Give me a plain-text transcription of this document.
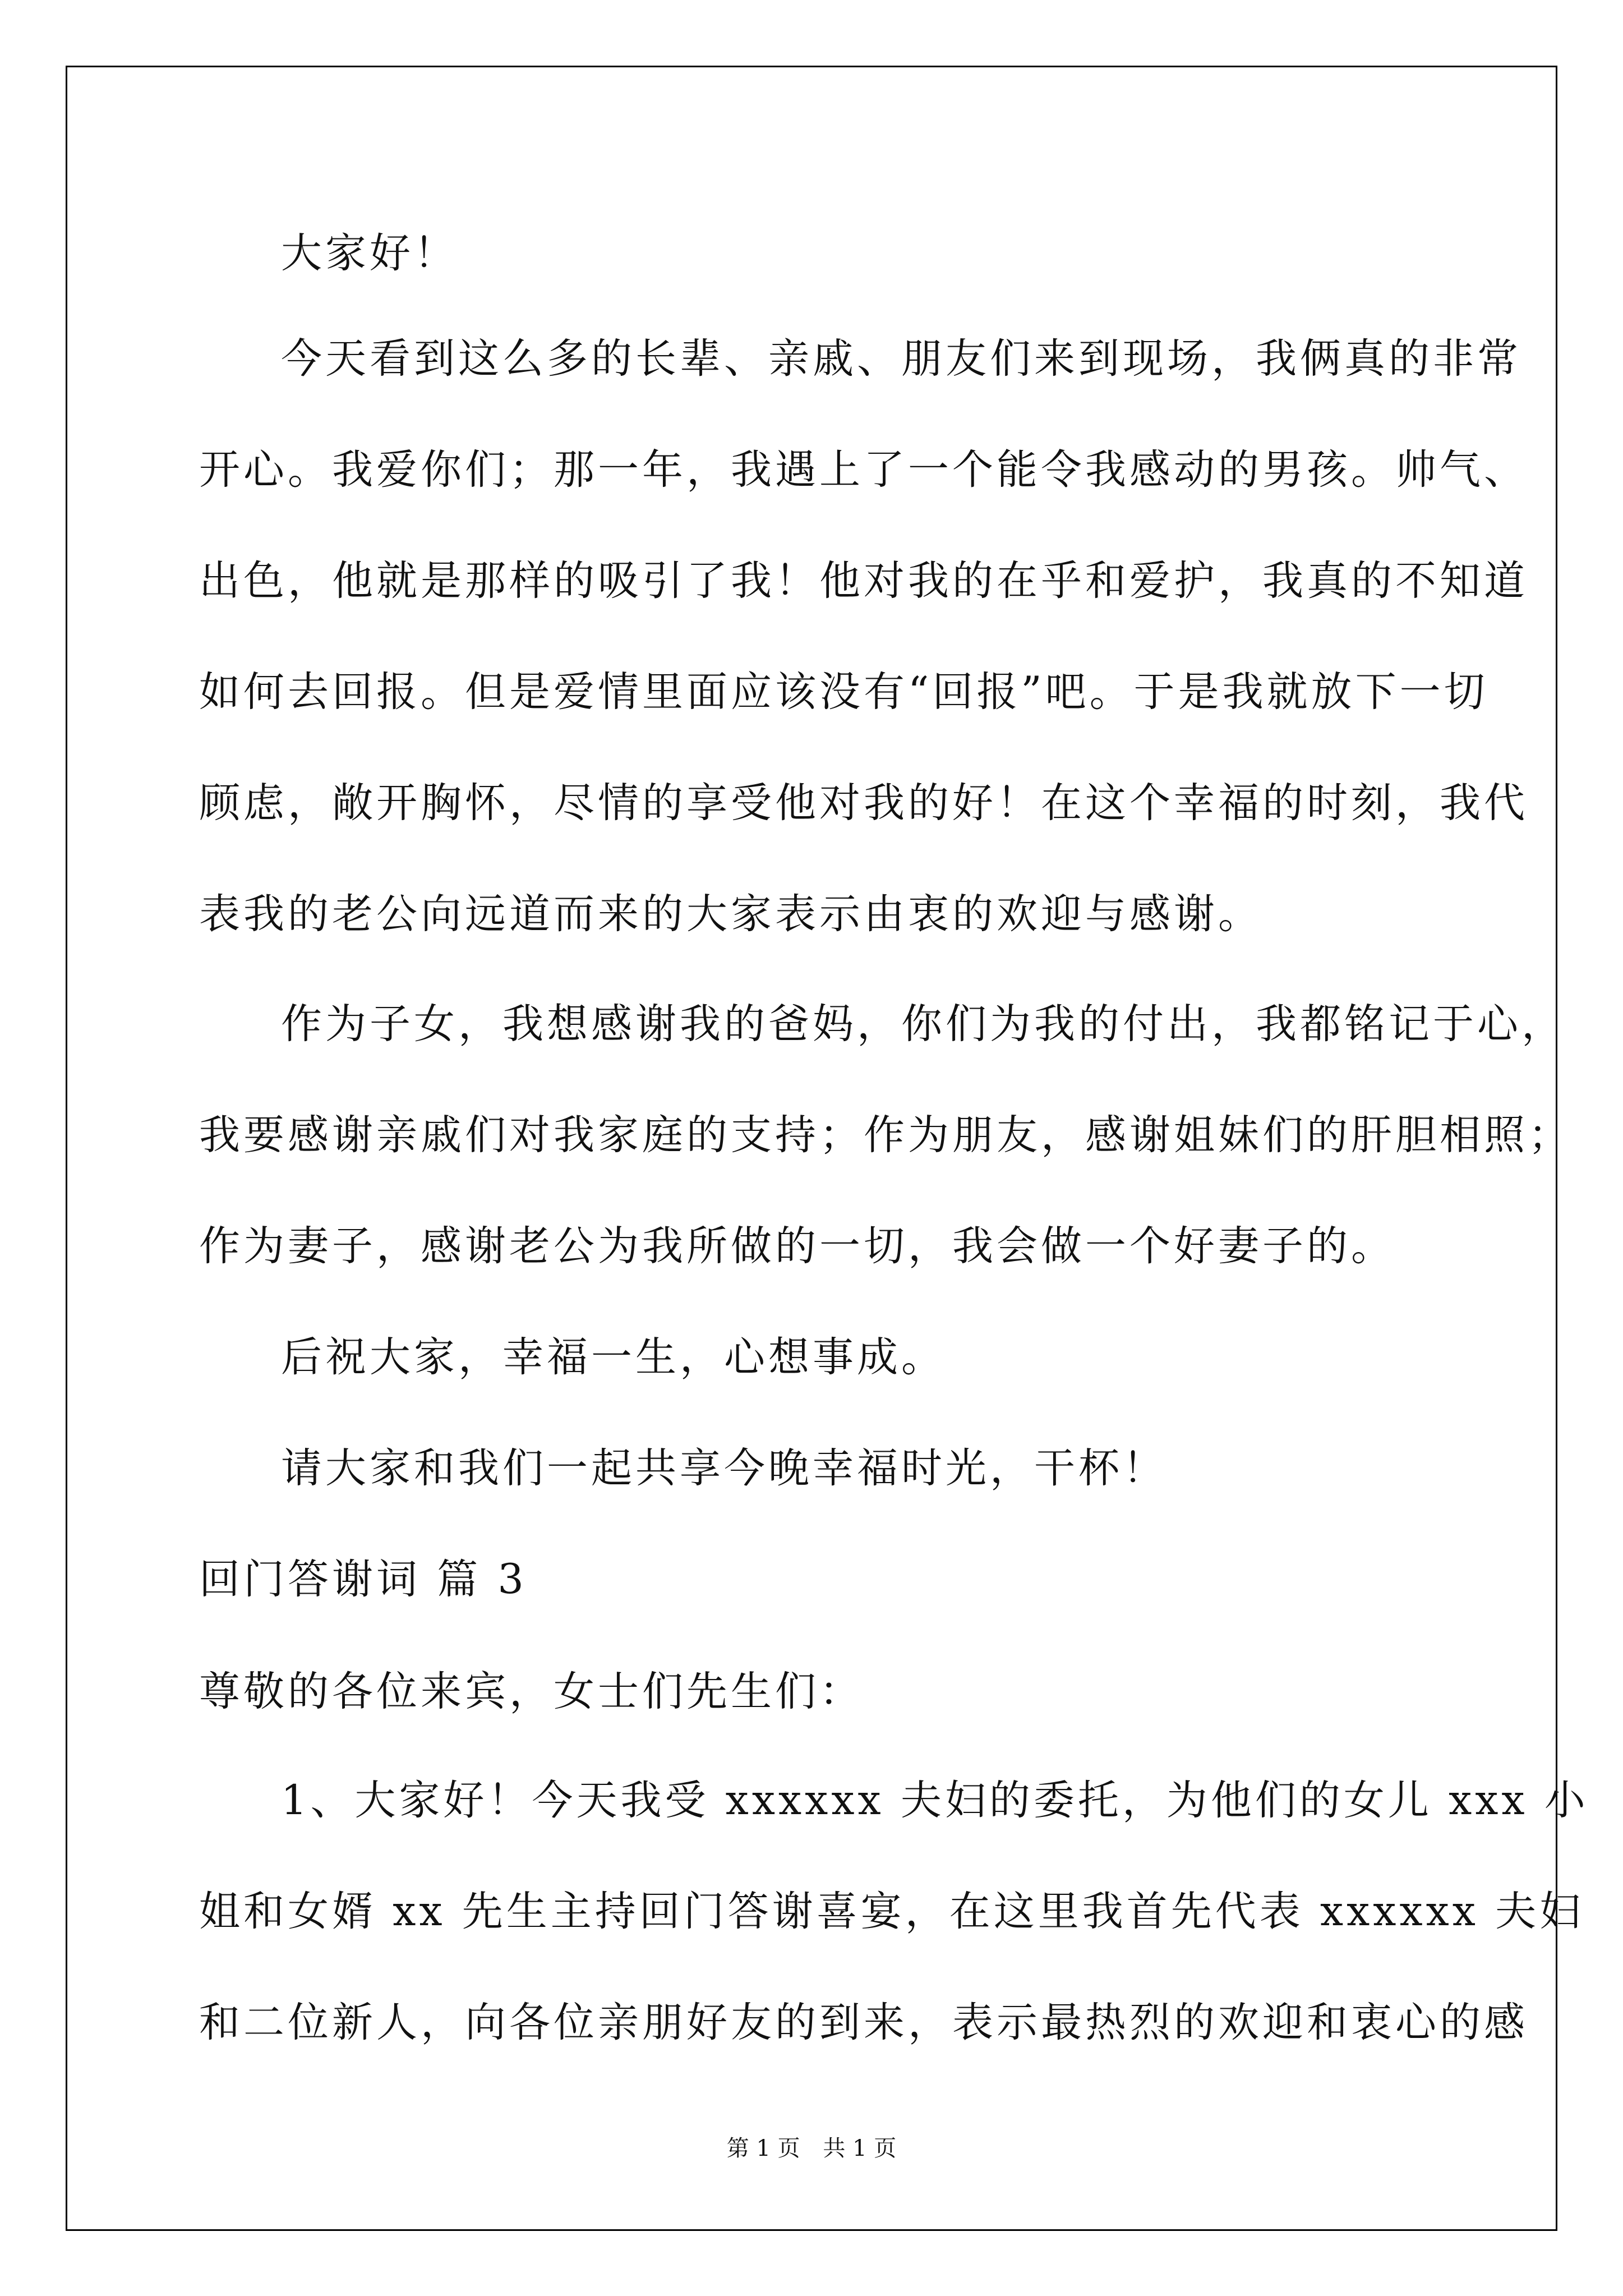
大家好！
今天看到这么多的长辈、亲戚、朋友们来到现场，我俩真的非常
开心。我爱你们；那一年，我遇上了一个能令我感动的男孩。帅气、
出色，他就是那样的吸引了我！他对我的在乎和爱护，我真的不知道
如何去回报。但是爱情里面应该没有“回报”吧。于是我就放下一切
顾虑，敞开胸怀，尽情的享受他对我的好！在这个幸福的时刻，我代
表我的老公向远道而来的大家表示由衷的欢迎与感谢。
作为子女，我想感谢我的爸妈，你们为我的付出，我都铭记于心，
我要感谢亲戚们对我家庭的支持；作为朋友，感谢姐妹们的肝胆相照；
作为妻子，感谢老公为我所做的一切，我会做一个好妻子的。
后祝大家，幸福一生，心想事成。
请大家和我们一起共享今晚幸福时光，干杯！
回门答谢词 篇 3
尊敬的各位来宾，女士们先生们：
1、大家好！今天我受 xxxxxx 夫妇的委托，为他们的女儿 xxx 小
姐和女婿 xx 先生主持回门答谢喜宴，在这里我首先代表 xxxxxx 夫妇
和二位新人，向各位亲朋好友的到来，表示最热烈的欢迎和衷心的感
第 1 页 共 1 页
